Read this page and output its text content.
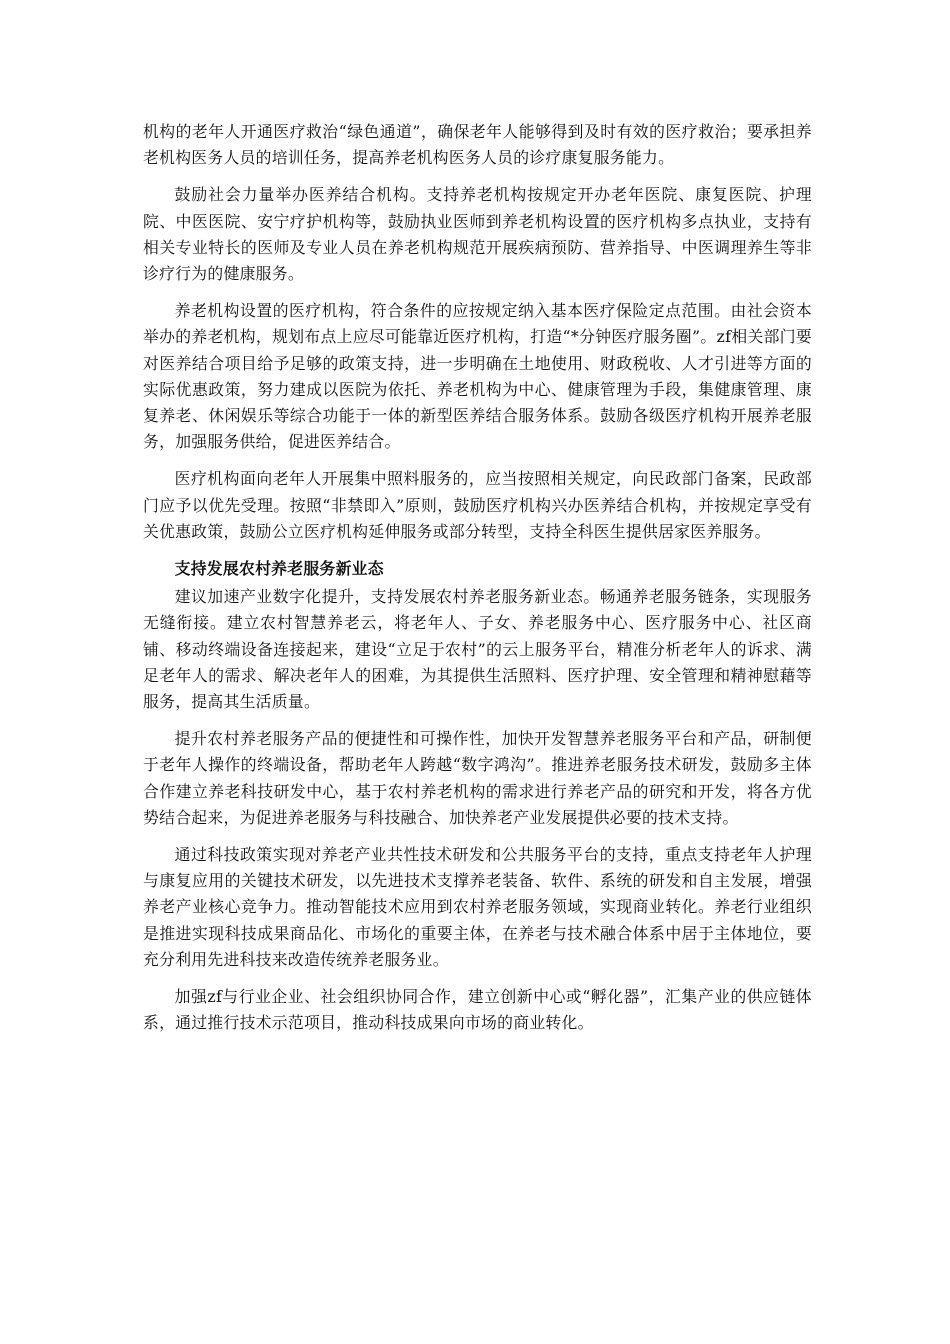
机构的老年人开通医疗救治“绿色通道”，确保老年人能够得到及时有效的医疗救治；要承担养老机构医务人员的培训任务，提高养老机构医务人员的诊疗康复服务能力。

鼓励社会力量举办医养结合机构。支持养老机构按规定开办老年医院、康复医院、护理院、中医医院、安宁疗护机构等，鼓励执业医师到养老机构设置的医疗机构多点执业，支持有相关专业特长的医师及专业人员在养老机构规范开展疾病预防、营养指导、中医调理养生等非诊疗行为的健康服务。

养老机构设置的医疗机构，符合条件的应按规定纳入基本医疗保险定点范围。由社会资本举办的养老机构，规划布点上应尽可能靠近医疗机构，打造“*分钟医疗服务圈”。zf相关部门要对医养结合项目给予足够的政策支持，进一步明确在土地使用、财政税收、人才引进等方面的实际优惠政策，努力建成以医院为依托、养老机构为中心、健康管理为手段，集健康管理、康复养老、休闲娱乐等综合功能于一体的新型医养结合服务体系。鼓励各级医疗机构开展养老服务，加强服务供给，促进医养结合。

医疗机构面向老年人开展集中照料服务的，应当按照相关规定，向民政部门备案，民政部门应予以优先受理。按照“非禁即入”原则，鼓励医疗机构兴办医养结合机构，并按规定享受有关优惠政策，鼓励公立医疗机构延伸服务或部分转型，支持全科医生提供居家医养服务。

支持发展农村养老服务新业态

建议加速产业数字化提升，支持发展农村养老服务新业态。畅通养老服务链条，实现服务无缝衔接。建立农村智慧养老云，将老年人、子女、养老服务中心、医疗服务中心、社区商铺、移动终端设备连接起来，建设“立足于农村”的云上服务平台，精准分析老年人的诉求、满足老年人的需求、解决老年人的困难，为其提供生活照料、医疗护理、安全管理和精神慰藉等服务，提高其生活质量。

提升农村养老服务产品的便捷性和可操作性，加快开发智慧养老服务平台和产品，研制便于老年人操作的终端设备，帮助老年人跨越“数字鸿沟”。推进养老服务技术研发，鼓励多主体合作建立养老科技研发中心，基于农村养老机构的需求进行养老产品的研究和开发，将各方优势结合起来，为促进养老服务与科技融合、加快养老产业发展提供必要的技术支持。

通过科技政策实现对养老产业共性技术研发和公共服务平台的支持，重点支持老年人护理与康复应用的关键技术研发，以先进技术支撑养老装备、软件、系统的研发和自主发展，增强养老产业核心竞争力。推动智能技术应用到农村养老服务领域，实现商业转化。养老行业组织是推进实现科技成果商品化、市场化的重要主体，在养老与技术融合体系中居于主体地位，要充分利用先进科技来改造传统养老服务业。

加强zf与行业企业、社会组织协同合作，建立创新中心或“孵化器”，汇集产业的供应链体系，通过推行技术示范项目，推动科技成果向市场的商业转化。
